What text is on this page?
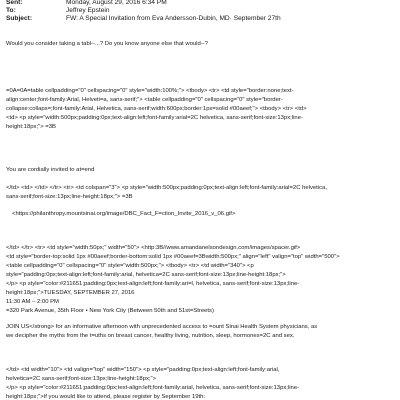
Sent:	Monday, August 29, 2016 6:34 PM
To:	Jeffrey Epstein
Subject:	FW: A Special Invitation from Eva Andersson-Dubin, MD· September 27th
Would you consider taking a tabl--...? Do you know anyone else that would--?
=0A=0A=table cellpadding="0" cellspacing="0" style="width:100%;"> <tbody> <tr> <td style="border:none;text-
align:center;font-family:Arial, Helveti=a, sans-serif;"> <table cellpadding="0" cellspacing="0" style="border-
collapse:collaps=;font-family:Arial, Helvetica, sans-serif;width:600px;border:1px=solid #00aeef;"> <tbody> <tr> <td>
<td> <p style="width:500px;padding:0px;text-align:left;font-family:arial=2C helvetica, sans-serif;font-size:13px;line-
height:18px;"> =3B
You are cordially invited to at=end
</td> <td> </td> </tr> <tr> <td colspan="3"> <p style="width:500px;padding:0px;text-align:left;font-family:arial=2C helvetica,
sans-serif;font-size:13px;line-height:18px;"> =3B
<https://philanthropy.mountsinai.org/image/DBC_Fact_F=ction_Invite_2016_v_06.gif>
</td> </tr> <tr> <td style="width:50px;" width="50"> <http:3B//www.amandanelsondesign.com/images/spacer.gif>
<td style="border-top:solid 1px #00aeef;border-bottom:solid 1px #00aeef=3Bwidth:500px;" align="left" valign="top" width="500">
<table cellpadding="0" cellspacing="0" style="width:500px;"> <tbody> <tr> <td width="340"> <p
style="padding:0px;text-align:left;font-family:arial, helvetica=2C sans-serif;font-size:13px;line-height:18px;">
</p> <p style="color:#211651;padding:0px;text-align:left;font-family:ari=l, helvetica, sans-serif;font-size:13px;line-
height:18px;">TUESDAY, SEPTEMBER 27, 2016
11:30 AM – 2:00 PM
=320 Park Avenue, 35th Floor • New York City (Between 50th and 51st=Streets)
JOIN US</strong> for an informative afternoon with unprecedented access to =ount Sinai Health System physicians, as
we decipher the myths from the t=uths on breast cancer, healthy living, nutrition, sleep, hormones=2C and sex.
</td> <td width="10"> <td valign="top" width="150"> <p style="padding:0px;text-align:left;font-family:arial,
helvetica=2C sans-serif;font-size:13px;line-height:18px;">
</p> <p style="color:#211651;padding:0px;text-align:left;font-family:arial, helvetica, sans-serif;font-size:13px;line-
height:18px;">If you would like to attend, please register by September 19th:
